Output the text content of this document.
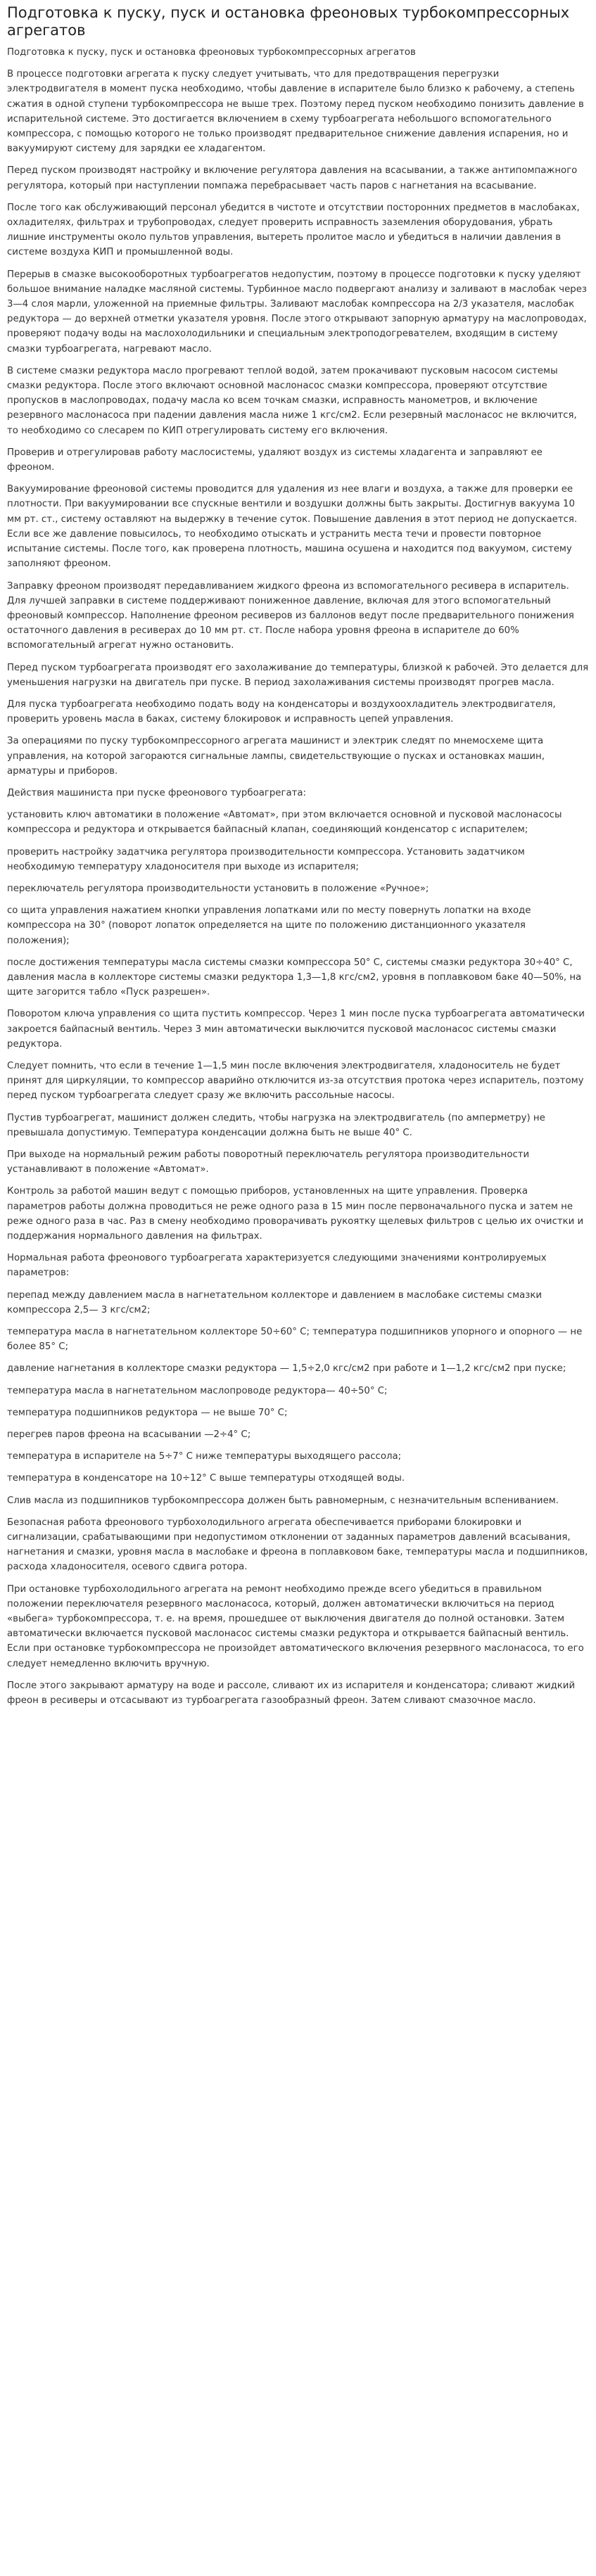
Подготовка к пуску, пуск и остановка фреоновых турбокомпрессорных агрегатов
Подготовка к пуску, пуск и остановка фреоновых турбокомпрессорных агрегатов

В процессе подготовки агрегата к пуску следует учитывать, что для предотвращения перегрузки электродвигателя в момент пуска необходимо, чтобы давление в испарителе было близко к рабочему, а степень сжатия в одной ступени турбокомпрессора не выше трех. Поэтому перед пуском необходимо понизить давление в испарительной системе. Это достигается включением в схему турбоагрегата небольшого вспомогательного компрессора, с помощью которого не только производят предварительное снижение давления испарения, но и вакуумируют систему для зарядки ее хладагентом.

Перед пуском производят настройку и включение регулятора давления на всасывании, а также антипомпажного регулятора, который при наступлении помпажа перебрасывает часть паров с нагнетания на всасывание.

После того как обслуживающий персонал убедится в чистоте и отсутствии посторонних предметов в маслобаках, охладителях, фильтрах и трубопроводах, следует проверить исправность заземления оборудования, убрать лишние инструменты около пультов управления, вытереть пролитое масло и убедиться в наличии давления в системе воздуха КИП и промышленной воды.

Перерыв в смазке высокооборотных турбоагрегатов недопустим, поэтому в процессе подготовки к пуску уделяют большое внимание наладке масляной системы. Турбинное масло подвергают анализу и заливают в маслобак через 3—4 слоя марли, уложенной на приемные фильтры. Заливают маслобак компрессора на 2/3 указателя, маслобак редуктора — до верхней отметки указателя уровня. После этого открывают запорную арматуру на маслопроводах, проверяют подачу воды на маслохолодильники и специальным электроподогревателем, входящим в систему смазки турбоагрегата, нагревают масло.

В системе смазки редуктора масло прогревают теплой водой, затем прокачивают пусковым насосом системы смазки редуктора. После этого включают основной маслонасос смазки компрессора, проверяют отсутствие пропусков в маслопроводах, подачу масла ко всем точкам смазки, исправность манометров, и включение резервного маслонасоса при падении давления масла ниже 1 кгс/см2. Если резервный маслонасос не включится, то необходимо со слесарем по КИП отрегулировать систему его включения.

Проверив и отрегулировав работу маслосистемы, удаляют воздух из системы хладагента и заправляют ее фреоном.

Вакуумирование фреоновой системы проводится для удаления из нее влаги и воздуха, а также для проверки ее плотности. При вакуумировании все спускные вентили и воздушки должны быть закрыты. Достигнув вакуума 10 мм рт. ст., систему оставляют на выдержку в течение суток. Повышение давления в этот период не допускается. Если все же давление повысилось, то необходимо отыскать и устранить места течи и провести повторное испытание системы. После того, как проверена плотность, машина осушена и находится под вакуумом, систему заполняют фреоном.

Заправку фреоном производят передавливанием жидкого фреона из вспомогательного ресивера в испаритель. Для лучшей заправки в системе поддерживают пониженное давление, включая для этого вспомогательный фреоновый компрессор. Наполнение фреоном ресиверов из баллонов ведут после предварительного понижения остаточного давления в ресиверах до 10 мм рт. ст. После набора уровня фреона в испарителе до 60% вспомогательный агрегат нужно остановить.

Перед пуском турбоагрегата производят его захолаживание до температуры, близкой к рабочей. Это делается для уменьшения нагрузки на двигатель при пуске. В период захолаживания системы производят прогрев масла.

Для пуска турбоагрегата необходимо подать воду на конденсаторы и воздухоохладитель электродвигателя, проверить уровень масла в баках, систему блокировок и исправность цепей управления.

За операциями по пуску турбокомпрессорного агрегата машинист и электрик следят по мнемосхеме щита управления, на которой загораются сигнальные лампы, свидетельствующие о пусках и остановках машин, арматуры и приборов.

Действия машиниста при пуске фреонового турбоагрегата:

установить ключ автоматики в положение «Автомат», при этом включается основной и пусковой маслонасосы компрессора и редуктора и открывается байпасный клапан, соединяющий конденсатор с испарителем;

проверить настройку задатчика регулятора производительности компрессора. Установить задатчиком необходимую температуру хладоносителя при выходе из испарителя;

переключатель регулятора производительности установить в положение «Ручное»;

со щита управления нажатием кнопки управления лопатками или по месту повернуть лопатки на входе компрессора на 30° (поворот лопаток определяется на щите по положению дистанционного указателя положения);

после достижения температуры масла системы смазки компрессора 50° С, системы смазки редуктора 30÷40° С, давления масла в коллекторе системы смазки редуктора 1,3—1,8 кгс/см2, уровня в поплавковом баке 40—50%, на щите загорится табло «Пуск разрешен».

Поворотом ключа управления со щита пустить компрессор. Через 1 мин после пуска турбоагрегата автоматически закроется байпасный вентиль. Через 3 мин автоматически выключится пусковой маслонасос системы смазки редуктора.

Следует помнить, что если в течение 1—1,5 мин после включения электродвигателя, хладоноситель не будет принят для циркуляции, то компрессор аварийно отключится из-за отсутствия протока через испаритель, поэтому перед пуском турбоагрегата следует сразу же включить рассольные насосы.

Пустив турбоагрегат, машинист должен следить, чтобы нагрузка на электродвигатель (по амперметру) не превышала допустимую. Температура конденсации должна быть не выше 40° С.

При выходе на нормальный режим работы поворотный переключатель регулятора производительности устанавливают в положение «Автомат».

Контроль за работой машин ведут с помощью приборов, установленных на щите управления. Проверка параметров работы должна проводиться не реже одного раза в 15 мин после первоначального пуска и затем не реже одного раза в час. Раз в смену необходимо проворачивать рукоятку щелевых фильтров с целью их очистки и поддержания нормального давления на фильтрах.

Нормальная работа фреонового турбоагрегата характеризуется следующими значениями контролируемых параметров:

перепад между давлением масла в нагнетательном коллекторе и давлением в маслобаке системы смазки компрессора 2,5— 3 кгс/см2;

температура масла в нагнетательном коллекторе 50÷60° С; температура подшипников упорного и опорного — не более 85° С;

давление нагнетания в коллекторе смазки редуктора — 1,5÷2,0 кгс/см2 при работе и 1—1,2 кгс/см2 при пуске;

температура масла в нагнетательном маслопроводе редуктора— 40÷50° С;

температура подшипников редуктора — не выше 70° С;

перегрев паров фреона на всасывании —2÷4° С;

температура в испарителе на 5÷7° С ниже температуры выходящего рассола;

температура в конденсаторе на 10÷12° С выше температуры отходящей воды.

Слив масла из подшипников турбокомпрессора должен быть равномерным, с незначительным вспениванием.

Безопасная работа фреонового турбохолодильного агрегата обеспечивается приборами блокировки и сигнализации, срабатывающими при недопустимом отклонении от заданных параметров давлений всасывания, нагнетания и смазки, уровня масла в маслобаке и фреона в поплавковом баке, температуры масла и подшипников, расхода хладоносителя, осевого сдвига ротора.

При остановке турбохолодильного агрегата на ремонт необходимо прежде всего убедиться в правильном положении переключателя резервного маслонасоса, который, должен автоматически включиться на период «выбега» турбокомпрессора, т. е. на время, прошедшее от выключения двигателя до полной остановки. Затем автоматически включается пусковой маслонасос системы смазки редуктора и открывается байпасный вентиль. Если при остановке турбокомпрессора не произойдет автоматического включения резервного маслонасоса, то его следует немедленно включить вручную.

После этого закрывают арматуру на воде и рассоле, сливают их из испарителя и конденсатора; сливают жидкий фреон в ресиверы и отсасывают из турбоагрегата газообразный фреон. Затем сливают смазочное масло.
